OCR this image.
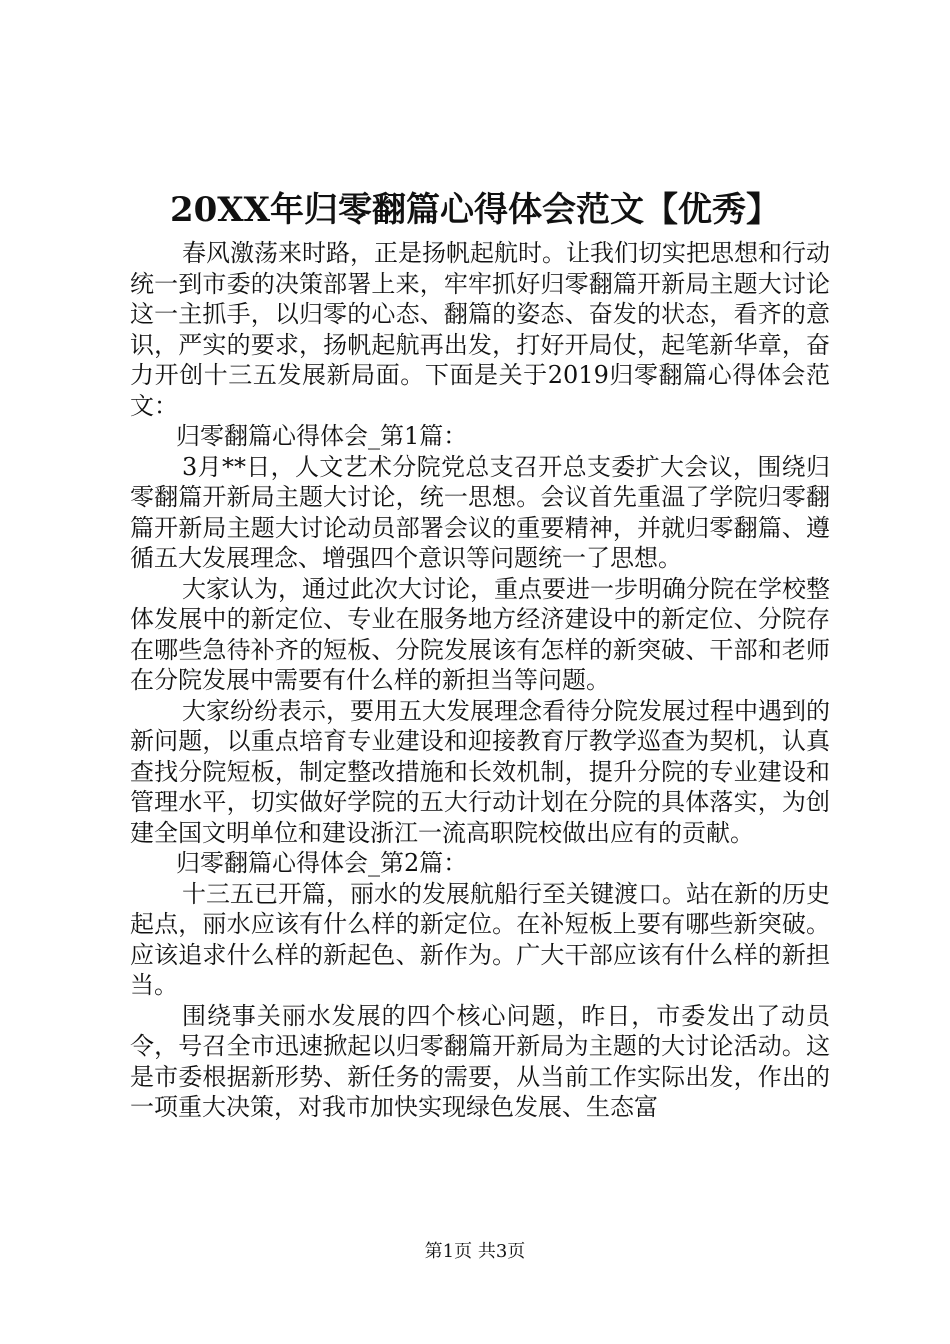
20XX年归零翻篇心得体会范文【优秀】

春风激荡来时路，正是扬帆起航时。让我们切实把思想和行动统一到市委的决策部署上来，牢牢抓好归零翻篇开新局主题大讨论这一主抓手，以归零的心态、翻篇的姿态、奋发的状态，看齐的意识，严实的要求，扬帆起航再出发，打好开局仗，起笔新华章，奋力开创十三五发展新局面。下面是关于2019归零翻篇心得体会范文：

归零翻篇心得体会_第1篇：

3月**日，人文艺术分院党总支召开总支委扩大会议，围绕归零翻篇开新局主题大讨论，统一思想。会议首先重温了学院归零翻篇开新局主题大讨论动员部署会议的重要精神，并就归零翻篇、遵循五大发展理念、增强四个意识等问题统一了思想。

大家认为，通过此次大讨论，重点要进一步明确分院在学校整体发展中的新定位、专业在服务地方经济建设中的新定位、分院存在哪些急待补齐的短板、分院发展该有怎样的新突破、干部和老师在分院发展中需要有什么样的新担当等问题。

大家纷纷表示，要用五大发展理念看待分院发展过程中遇到的新问题，以重点培育专业建设和迎接教育厅教学巡查为契机，认真查找分院短板，制定整改措施和长效机制，提升分院的专业建设和管理水平，切实做好学院的五大行动计划在分院的具体落实，为创建全国文明单位和建设浙江一流高职院校做出应有的贡献。

归零翻篇心得体会_第2篇：

十三五已开篇，丽水的发展航船行至关键渡口。站在新的历史起点，丽水应该有什么样的新定位。在补短板上要有哪些新突破。应该追求什么样的新起色、新作为。广大干部应该有什么样的新担当。

围绕事关丽水发展的四个核心问题，昨日，市委发出了动员令，号召全市迅速掀起以归零翻篇开新局为主题的大讨论活动。这是市委根据新形势、新任务的需要，从当前工作实际出发，作出的一项重大决策，对我市加快实现绿色发展、生态富

第1页 共3页
